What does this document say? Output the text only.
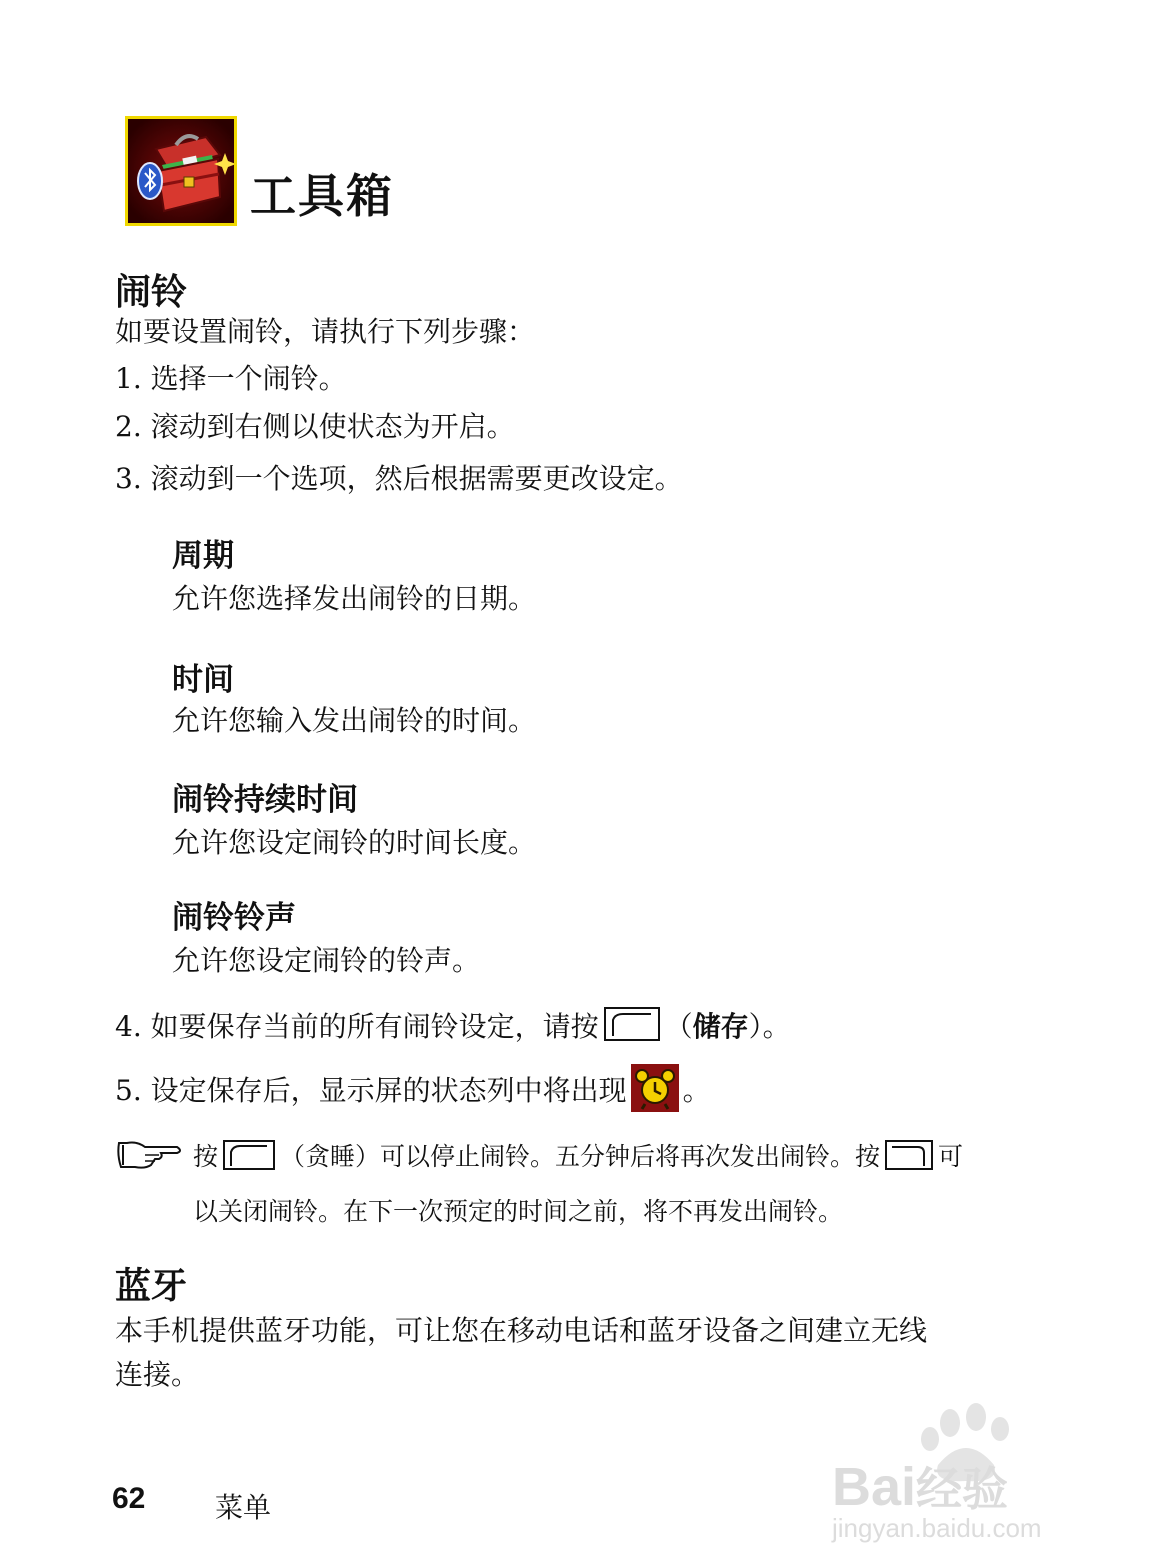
工具箱
闹铃
如要设置闹铃，请执行下列步骤：
1. 选择一个闹铃。
2. 滚动到右侧以使状态为开启。
3. 滚动到一个选项，然后根据需要更改设定。
周期
允许您选择发出闹铃的日期。
时间
允许您输入发出闹铃的时间。
闹铃持续时间
允许您设定闹铃的时间长度。
闹铃铃声
允许您设定闹铃的铃声。
4. 如要保存当前的所有闹铃设定，请按 （储存）。
5. 设定保存后，显示屏的状态列中将出现 。
按 （贪睡）可以停止闹铃。五分钟后将再次发出闹铃。按 可
以关闭闹铃。在下一次预定的时间之前，将不再发出闹铃。
蓝牙
本手机提供蓝牙功能，可让您在移动电话和蓝牙设备之间建立无线
连接。
62 菜单	Bai经验
jingyan.baidu.com
